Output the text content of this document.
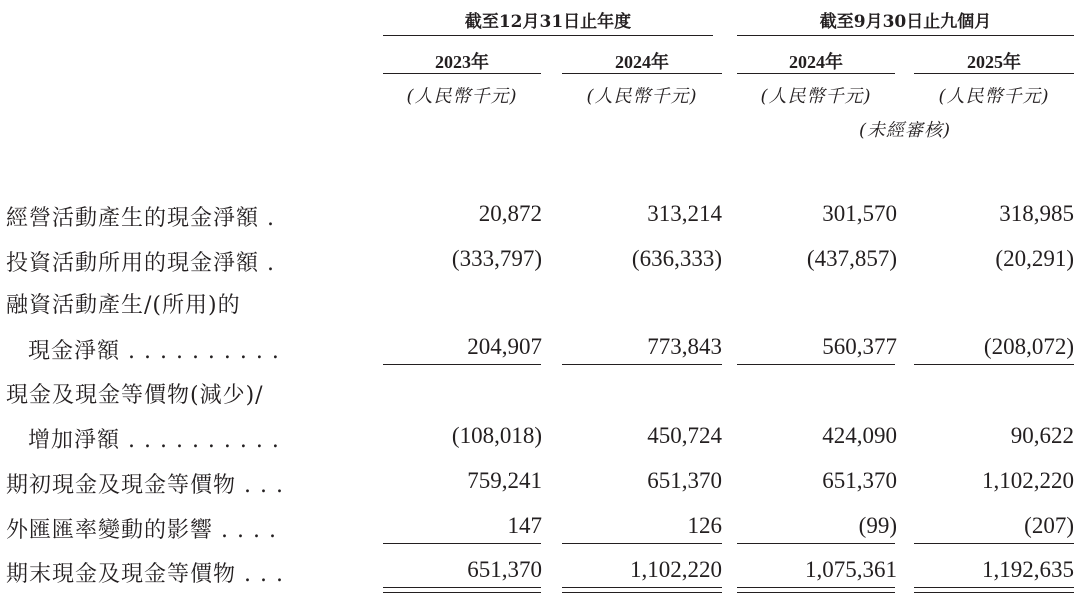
截至12月31日止年度	截至9月30日止九個月
2023年	2024年	2024年	2025年
(人民幣千元)	(人民幣千元)	(人民幣千元)	(人民幣千元)
(未經審核)
經營活動產生的現金淨額 .	20,872	313,214	301,570	318,985
投資活動所用的現金淨額 .	(333,797)	(636,333)	(437,857)	(20,291)
融資活動產生/(所用)的
現金淨額 . . . . . . . . . .	204,907	773,843	560,377	(208,072)
現金及現金等價物(減少)/
增加淨額 . . . . . . . . . .	(108,018)	450,724	424,090	90,622
期初現金及現金等價物 . . .	759,241	651,370	651,370	1,102,220
外匯匯率變動的影響 . . . .	147	126	(99)	(207)
期末現金及現金等價物 . . .	651,370	1,102,220	1,075,361	1,192,635
